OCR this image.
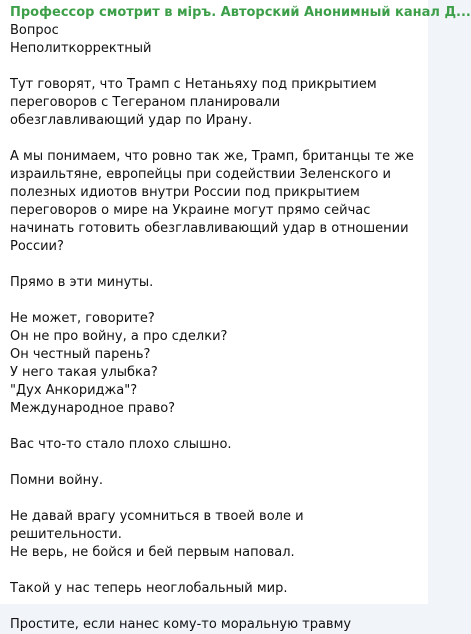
Профессор смотрит в міръ. Авторский Анонимный канал Д...
Вопрос
Неполиткорректный

Тут говорят, что Трамп с Нетаньяху под прикрытием переговоров с Тегераном планировали обезглавливающий удар по Ирану.

А мы понимаем, что ровно так же, Трамп, британцы те же израильтяне, европейцы при содействии Зеленского и полезных идиотов внутри России под прикрытием переговоров о мире на Украине могут прямо сейчас начинать готовить обезглавливающий удар в отношении России?

Прямо в эти минуты.

Не может, говорите?
Он не про войну, а про сделки?
Он честный парень?
У него такая улыбка?
"Дух Анкориджа"?
Международное право?

Вас что-то стало плохо слышно.

Помни войну.

Не давай врагу усомниться в твоей воле и решительности.
Не верь, не бойся и бей первым наповал.

Такой у нас теперь неоглобальный мир.

Простите, если нанес кому-то моральную травму
